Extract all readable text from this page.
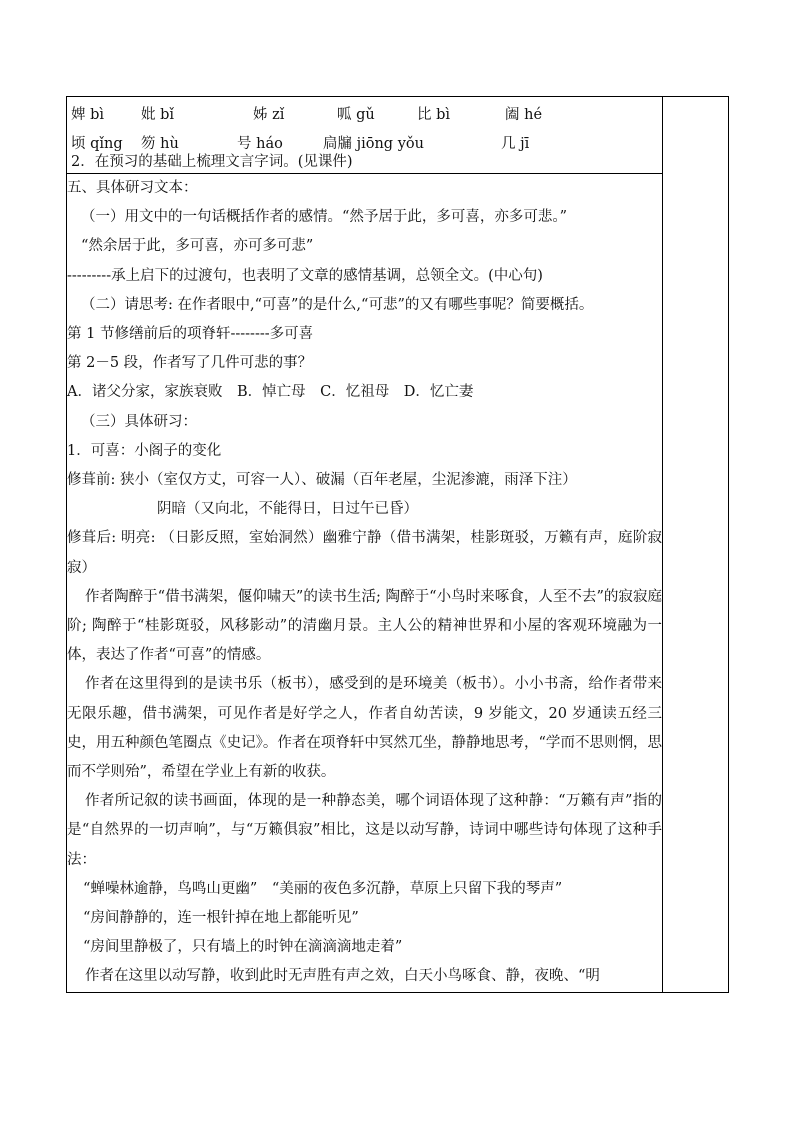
婢 bì	妣 bǐ	姊 zǐ	呱 gǔ	比 bì	阖 hé
顷 qǐng 笏 hù	号 háo	扃牖 jiōng yǒu	几 jī
2．在预习的基础上梳理文言字词。(见课件)

五、具体研习文本：

（一）用文中的一句话概括作者的感情。“然予居于此，多可喜，亦多可悲。”

“然余居于此，多可喜，亦可多可悲”

---------承上启下的过渡句，也表明了文章的感情基调，总领全文。(中心句)

（二）请思考: 在作者眼中,“可喜”的是什么,“可悲”的又有哪些事呢？简要概括。

第 1 节修缮前后的项脊轩--------多可喜

第 2－5 段，作者写了几件可悲的事？

A．诸父分家，家族衰败　B．悼亡母　C．忆祖母　D．忆亡妻

（三）具体研习：

1．可喜：小阁子的变化

修葺前: 狭小（室仅方丈，可容一人）、破漏（百年老屋，尘泥渗漉，雨泽下注）

阴暗（又向北，不能得日，日过午已昏）

修葺后: 明亮: （日影反照，室始洞然）幽雅宁静（借书满架，桂影斑驳，万籁有声，庭阶寂寂）

作者陶醉于“借书满架，偃仰啸天”的读书生活; 陶醉于“小鸟时来啄食，人至不去”的寂寂庭阶; 陶醉于“桂影斑驳，风移影动”的清幽月景。主人公的精神世界和小屋的客观环境融为一体，表达了作者“可喜”的情感。

作者在这里得到的是读书乐（板书），感受到的是环境美（板书）。小小书斋，给作者带来无限乐趣，借书满架，可见作者是好学之人，作者自幼苦读，9 岁能文，20 岁通读五经三史，用五种颜色笔圈点《史记》。作者在项脊轩中冥然兀坐，静静地思考，“学而不思则惘，思而不学则殆”，希望在学业上有新的收获。

作者所记叙的读书画面，体现的是一种静态美，哪个词语体现了这种静：“万籁有声”指的是“自然界的一切声响”，与“万籁俱寂”相比，这是以动写静，诗词中哪些诗句体现了这种手法：

“蝉噪林逾静，鸟鸣山更幽”　“美丽的夜色多沉静，草原上只留下我的琴声”

“房间静静的，连一根针掉在地上都能听见”

“房间里静极了，只有墙上的时钟在滴滴滴地走着”

作者在这里以动写静，收到此时无声胜有声之效，白天小鸟啄食、静，夜晚、“明
